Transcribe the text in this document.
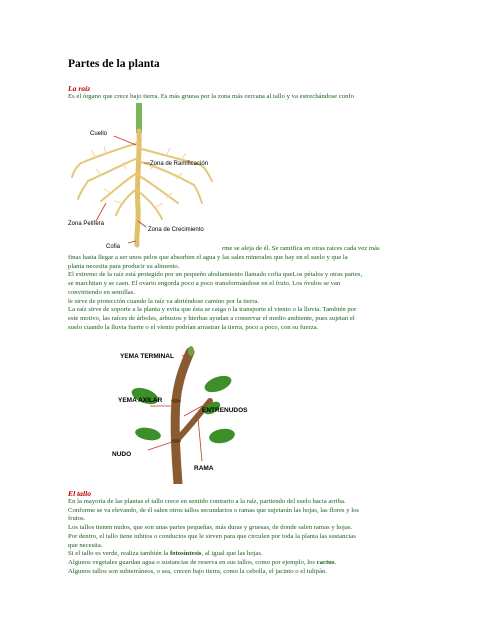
Partes de la planta
La raíz
Es el órgano que crece bajo tierra. Es más gruesa por la zona más cercana al tallo y va estrechándose confo
Cuello
Zona de Ramificación
Zona Pelífera
Zona de Crecimiento
Cofia	rme se aleja de él. Se ramifica en otras raíces cada vez más

finas hasta llegar a ser unos pelos que absorben el agua y las sales minerales que hay en el suelo y que la

planta necesita para producir su alimento.

El extremo de la raíz está protegido por un pequeño abultamiento llamado cofia queLos pétalos y otras partes,

se marchitan y se caen. El ovario engorda poco a poco transformándose en el fruto. Los óvulos se van

convirtiendo en semillas.

le sirve de protección cuando la raíz va abriéndose camino por la tierra.

La raíz sirve de soporte a la planta y evita que ésta se caiga o la transporte el viento o la lluvia. También por

este motivo, las raíces de árboles, arbustos y hierbas ayudan a conservar el medio ambiente, pues sujetan el

suelo cuando la lluvia fuerte o el viento podrían arrastrar la tierra, poco a poco, con su fuerza.

YEMA TERMINAL
YEMA AXILAR
ENTRENUDOS
NUDO
RAMA
El tallo

En la mayoría de las plantas el tallo crece en sentido contrario a la raíz, partiendo del suelo hacia arriba.

Conforme se va elevando, de él salen otros tallos secundarios o ramas que sujetarán las hojas, las flores y los

frutos.

Los tallos tienen nudos, que son unas partes pequeñas, más duras y gruesas, de donde salen ramas y hojas.

Por dentro, el tallo tiene tubitos o conductos que le sirven para que circulen por toda la planta las sustancias

que necesita.

Si el tallo es verde, realiza también la fotosíntesis, al igual que las hojas.

Algunos vegetales guardan agua o sustancias de reserva en sus tallos, como por ejemplo, los cactus.

Algunos tallos son subterráneos, o sea, crecen bajo tierra, como la cebolla, el jacinto o el tulipán.
